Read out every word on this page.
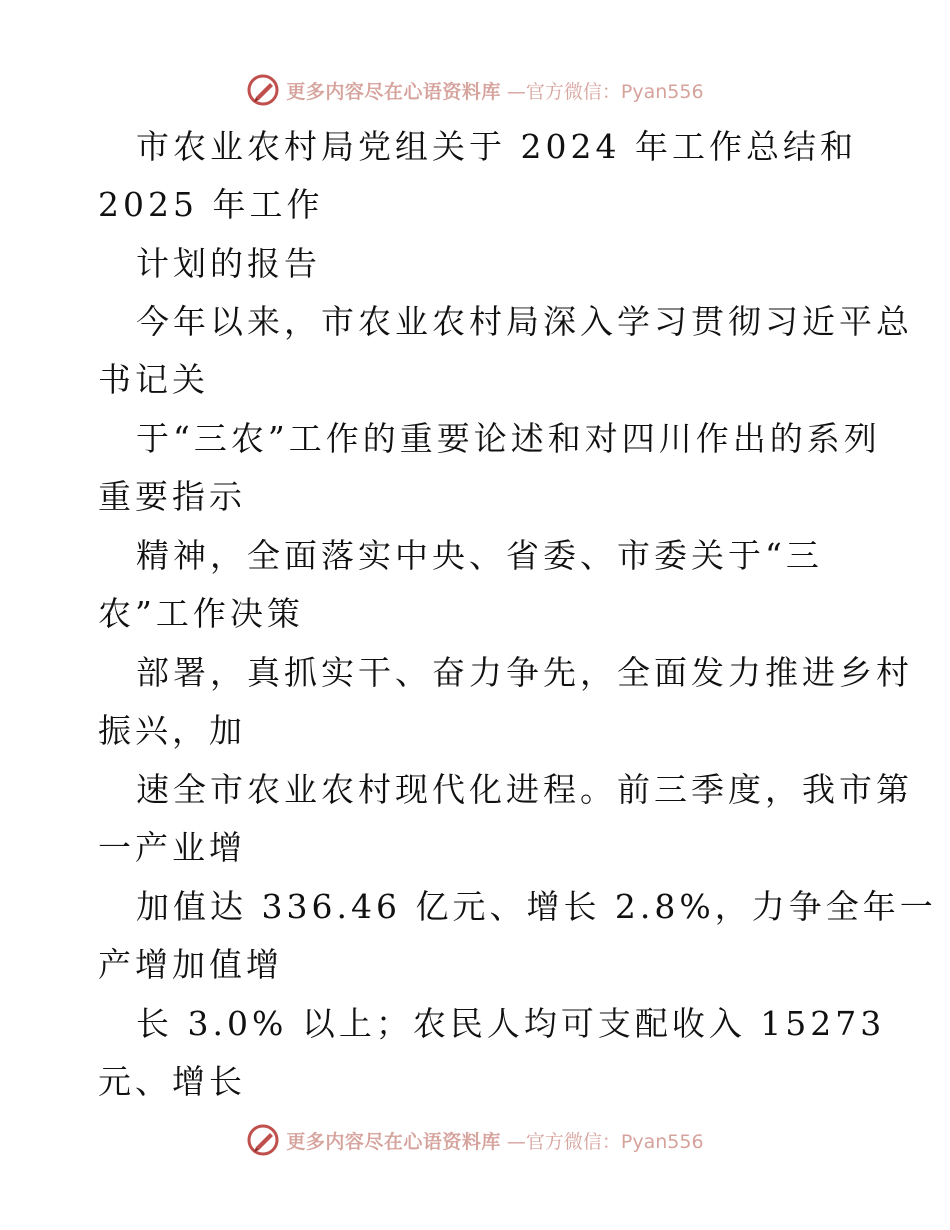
更多内容尽在心语资料库 —官方微信：Pyan556
市农业农村局党组关于 2024 年工作总结和
2025 年工作
计划的报告
今年以来，市农业农村局深入学习贯彻习近平总
书记关
于“三农”工作的重要论述和对四川作出的系列
重要指示
精神，全面落实中央、省委、市委关于“三
农”工作决策
部署，真抓实干、奋力争先，全面发力推进乡村
振兴，加
速全市农业农村现代化进程。前三季度，我市第
一产业增
加值达 336.46 亿元、增长 2.8%，力争全年一
产增加值增
长 3.0% 以上；农民人均可支配收入 15273
元、增长
更多内容尽在心语资料库 —官方微信：Pyan556
